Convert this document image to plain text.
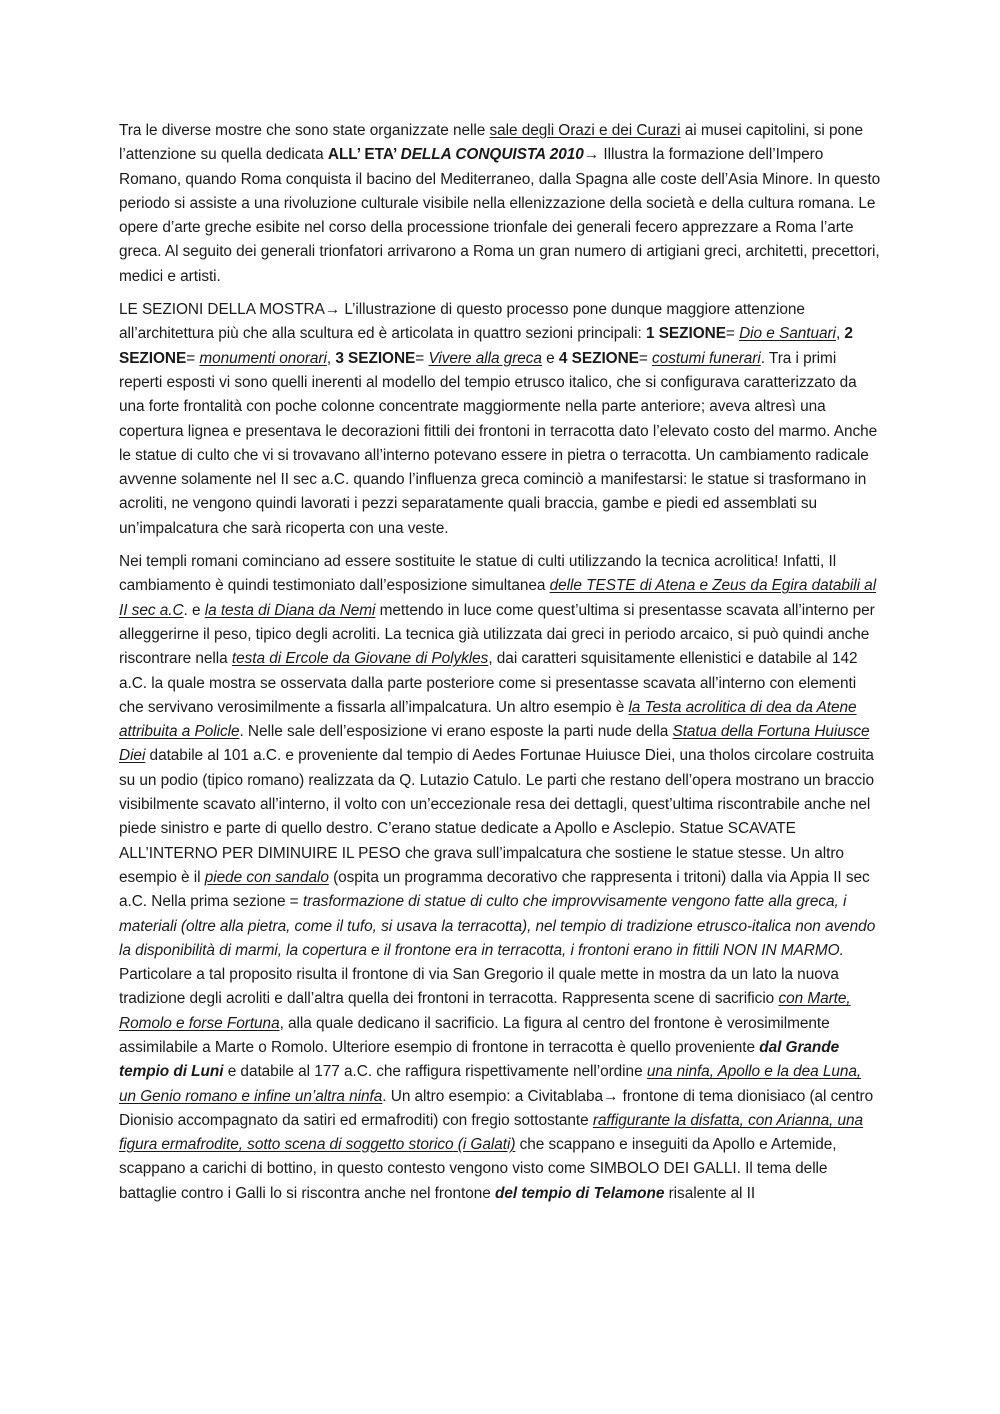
Tra le diverse mostre che sono state organizzate nelle sale degli Orazi e dei Curazi ai musei capitolini, si pone l’attenzione su quella dedicata ALL’ ETA’ DELLA CONQUISTA 2010→ Illustra la formazione dell’Impero Romano, quando Roma conquista il bacino del Mediterraneo, dalla Spagna alle coste dell’Asia Minore. In questo periodo si assiste a una rivoluzione culturale visibile nella ellenizzazione della società e della cultura romana. Le opere d’arte greche esibite nel corso della processione trionfale dei generali fecero apprezzare a Roma l’arte greca. Al seguito dei generali trionfatori arrivarono a Roma un gran numero di artigiani greci, architetti, precettori, medici e artisti.

LE SEZIONI DELLA MOSTRA→ L’illustrazione di questo processo pone dunque maggiore attenzione all’architettura più che alla scultura ed è articolata in quattro sezioni principali: 1 SEZIONE= Dio e Santuari, 2 SEZIONE= monumenti onorari, 3 SEZIONE= Vivere alla greca e 4 SEZIONE= costumi funerari. Tra i primi reperti esposti vi sono quelli inerenti al modello del tempio etrusco italico, che si configurava caratterizzato da una forte frontalità con poche colonne concentrate maggiormente nella parte anteriore; aveva altresì una copertura lignea e presentava le decorazioni fittili dei frontoni in terracotta dato l’elevato costo del marmo. Anche le statue di culto che vi si trovavano all’interno potevano essere in pietra o terracotta. Un cambiamento radicale avvenne solamente nel II sec a.C. quando l’influenza greca cominciò a manifestarsi: le statue si trasformano in acroliti, ne vengono quindi lavorati i pezzi separatamente quali braccia, gambe e piedi ed assemblati su un’impalcatura che sarà ricoperta con una veste.

Nei templi romani cominciano ad essere sostituite le statue di culti utilizzando la tecnica acrolitica! Infatti, Il cambiamento è quindi testimoniato dall’esposizione simultanea delle TESTE di Atena e Zeus da Egira databili al II sec a.C. e la testa di Diana da Nemi mettendo in luce come quest’ultima si presentasse scavata all’interno per alleggerirne il peso, tipico degli acroliti. La tecnica già utilizzata dai greci in periodo arcaico, si può quindi anche riscontrare nella testa di Ercole da Giovane di Polykles, dai caratteri squisitamente ellenistici e databile al 142 a.C. la quale mostra se osservata dalla parte posteriore come si presentasse scavata all’interno con elementi che servivano verosimilmente a fissarla all’impalcatura. Un altro esempio è la Testa acrolitica di dea da Atene attribuita a Policle. Nelle sale dell’esposizione vi erano esposte la parti nude della Statua della Fortuna Huiusce Diei databile al 101 a.C. e proveniente dal tempio di Aedes Fortunae Huiusce Diei, una tholos circolare costruita su un podio (tipico romano) realizzata da Q. Lutazio Catulo. Le parti che restano dell’opera mostrano un braccio visibilmente scavato all’interno, il volto con un’eccezionale resa dei dettagli, quest’ultima riscontrabile anche nel piede sinistro e parte di quello destro. C’erano statue dedicate a Apollo e Asclepio. Statue SCAVATE ALL’INTERNO PER DIMINUIRE IL PESO che grava sull’impalcatura che sostiene le statue stesse. Un altro esempio è il piede con sandalo (ospita un programma decorativo che rappresenta i tritoni) dalla via Appia II sec a.C. Nella prima sezione = trasformazione di statue di culto che improvvisamente vengono fatte alla greca, i materiali (oltre alla pietra, come il tufo, si usava la terracotta), nel tempio di tradizione etrusco-italica non avendo la disponibilità di marmi, la copertura e il frontone era in terracotta, i frontoni erano in fittili NON IN MARMO. Particolare a tal proposito risulta il frontone di via San Gregorio il quale mette in mostra da un lato la nuova tradizione degli acroliti e dall’altra quella dei frontoni in terracotta. Rappresenta scene di sacrificio con Marte, Romolo e forse Fortuna, alla quale dedicano il sacrificio. La figura al centro del frontone è verosimilmente assimilabile a Marte o Romolo. Ulteriore esempio di frontone in terracotta è quello proveniente dal Grande tempio di Luni e databile al 177 a.C. che raffigura rispettivamente nell’ordine una ninfa, Apollo e la dea Luna, un Genio romano e infine un’altra ninfa. Un altro esempio: a Civitablaba→ frontone di tema dionisiaco (al centro Dionisio accompagnato da satiri ed ermafroditi) con fregio sottostante raffigurante la disfatta, con Arianna, una figura ermafrodite, sotto scena di soggetto storico (i Galati) che scappano e inseguiti da Apollo e Artemide, scappano a carichi di bottino, in questo contesto vengono visto come SIMBOLO DEI GALLI. Il tema delle battaglie contro i Galli lo si riscontra anche nel frontone del tempio di Telamone risalente al II
